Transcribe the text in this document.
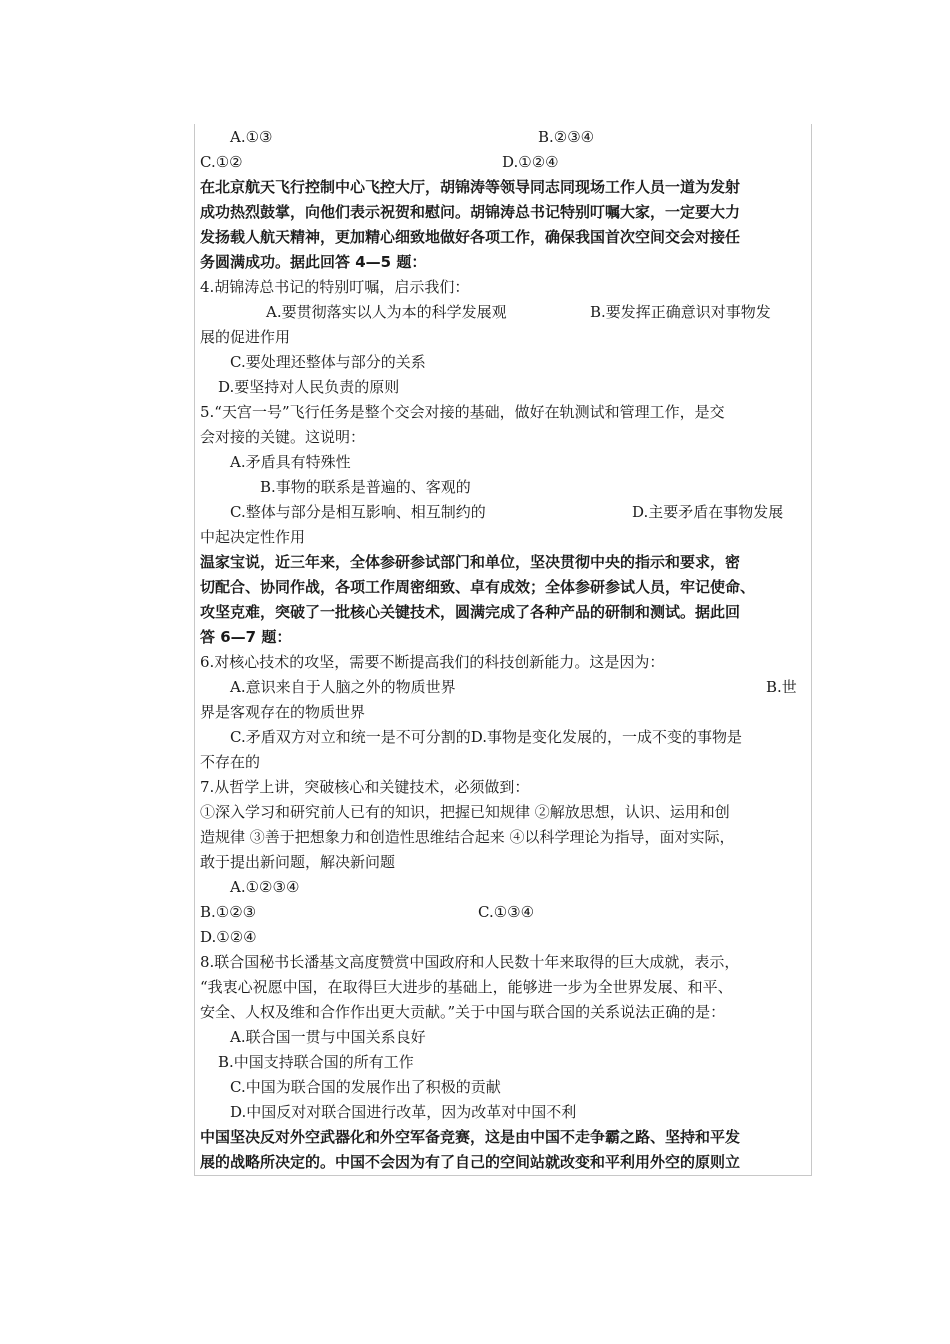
A.①③	B.②③④
C.①②	D.①②④
在北京航天飞行控制中心飞控大厅，胡锦涛等领导同志同现场工作人员一道为发射
成功热烈鼓掌，向他们表示祝贺和慰问。胡锦涛总书记特别叮嘱大家，一定要大力
发扬载人航天精神，更加精心细致地做好各项工作，确保我国首次空间交会对接任
务圆满成功。据此回答 4—5 题：
4.胡锦涛总书记的特别叮嘱，启示我们：
A.要贯彻落实以人为本的科学发展观	B.要发挥正确意识对事物发
展的促进作用
C.要处理还整体与部分的关系
D.要坚持对人民负责的原则
5.“天宫一号”飞行任务是整个交会对接的基础，做好在轨测试和管理工作，是交
会对接的关键。这说明：
A.矛盾具有特殊性
B.事物的联系是普遍的、客观的
C.整体与部分是相互影响、相互制约的	D.主要矛盾在事物发展
中起决定性作用
温家宝说，近三年来，全体参研参试部门和单位，坚决贯彻中央的指示和要求，密
切配合、协同作战，各项工作周密细致、卓有成效；全体参研参试人员，牢记使命、
攻坚克难，突破了一批核心关键技术，圆满完成了各种产品的研制和测试。据此回
答 6—7 题：
6.对核心技术的攻坚，需要不断提高我们的科技创新能力。这是因为：
A.意识来自于人脑之外的物质世界	B.世
界是客观存在的物质世界
C.矛盾双方对立和统一是不可分割的D.事物是变化发展的，一成不变的事物是
不存在的
7.从哲学上讲，突破核心和关键技术，必须做到：
①深入学习和研究前人已有的知识，把握已知规律 ②解放思想，认识、运用和创
造规律 ③善于把想象力和创造性思维结合起来 ④以科学理论为指导，面对实际，
敢于提出新问题，解决新问题
A.①②③④
B.①②③	C.①③④
D.①②④
8.联合国秘书长潘基文高度赞赏中国政府和人民数十年来取得的巨大成就，表示，
“我衷心祝愿中国，在取得巨大进步的基础上，能够进一步为全世界发展、和平、
安全、人权及维和合作作出更大贡献。”关于中国与联合国的关系说法正确的是：
A.联合国一贯与中国关系良好
B.中国支持联合国的所有工作
C.中国为联合国的发展作出了积极的贡献
D.中国反对对联合国进行改革，因为改革对中国不利
中国坚决反对外空武器化和外空军备竞赛，这是由中国不走争霸之路、坚持和平发
展的战略所决定的。中国不会因为有了自己的空间站就改变和平利用外空的原则立
